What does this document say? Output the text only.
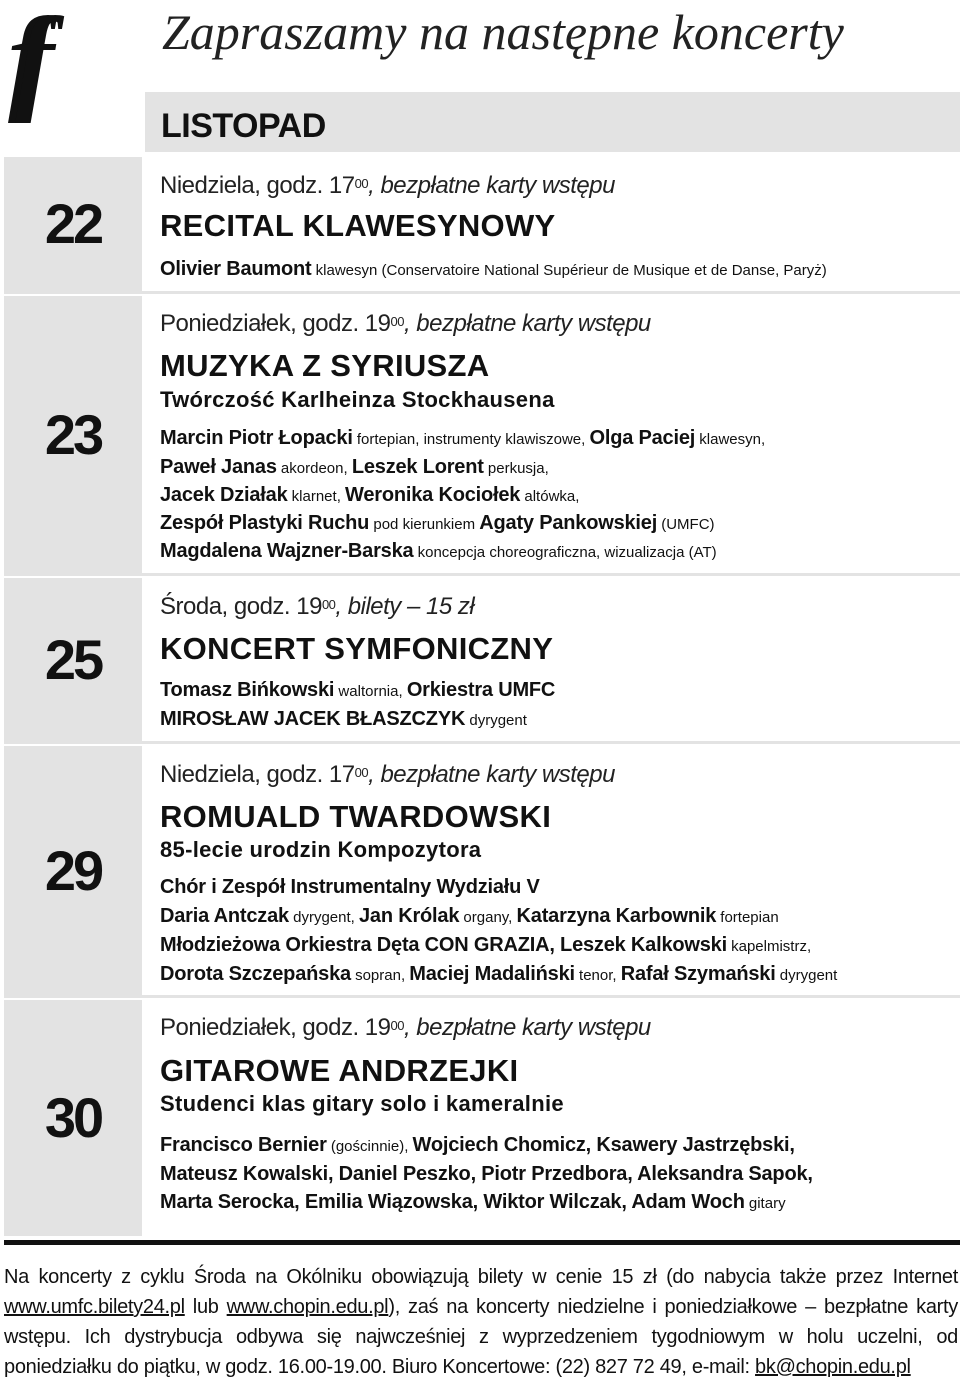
ff	Zapraszamy na następne koncerty
LISTOPAD
22
Niedziela, godz. $17^{00}$, bezpłatne karty wstępu
RECITAL KLAWESYNOWY
Olivier Baumont klawesyn (Conservatoire National Supérieur de Musique et de Danse, Paryż)
23
Poniedziałek, godz. $19^{00}$, bezpłatne karty wstępu
MUZYKA Z SYRIUSZA
Twórczość Karlheinza Stockhausena
Marcin Piotr Łopacki fortepian, instrumenty klawiszowe, Olga Paciej klawesyn,
Paweł Janas akordeon, Leszek Lorent perkusja,
Jacek Działak klarnet, Weronika Kociołek altówka,
Zespół Plastyki Ruchu pod kierunkiem Agaty Pankowskiej (UMFC)
Magdalena Wajzner-Barska koncepcja choreograficzna, wizualizacja (AT)
25
Środa, godz. $19^{00}$, bilety – 15 zł
KONCERT SYMFONICZNY
Tomasz Bińkowski waltornia, Orkiestra UMFC
MIROSŁAW JACEK BŁASZCZYK dyrygent
29
Niedziela, godz. $17^{00}$, bezpłatne karty wstępu
ROMUALD TWARDOWSKI
85-lecie urodzin Kompozytora
Chór i Zespół Instrumentalny Wydziału V
Daria Antczak dyrygent, Jan Królak organy, Katarzyna Karbownik fortepian
Młodzieżowa Orkiestra Dęta CON GRAZIA, Leszek Kalkowski kapelmistrz,
Dorota Szczepańska sopran, Maciej Madaliński tenor, Rafał Szymański dyrygent
30
Poniedziałek, godz. $19^{00}$, bezpłatne karty wstępu
GITAROWE ANDRZEJKI
Studenci klas gitary solo i kameralnie
Francisco Bernier (gościnnie), Wojciech Chomicz, Ksawery Jastrzębski,
Mateusz Kowalski, Daniel Peszko, Piotr Przedbora, Aleksandra Sapok,
Marta Serocka, Emilia Wiązowska, Wiktor Wilczak, Adam Woch gitary

Na koncerty z cyklu Środa na Okólniku obowiązują bilety w cenie 15 zł (do nabycia także przez Internet www.umfc.bilety24.pl lub www.chopin.edu.pl), zaś na koncerty niedzielne i poniedziałkowe – bezpłatne karty wstępu. Ich dystrybucja odbywa się najwcześniej z wyprzedzeniem tygodniowym w holu uczelni, od poniedziałku do piątku, w godz. 16.00-19.00. Biuro Koncertowe: (22) 827 72 49, e-mail: bk@chopin.edu.pl
